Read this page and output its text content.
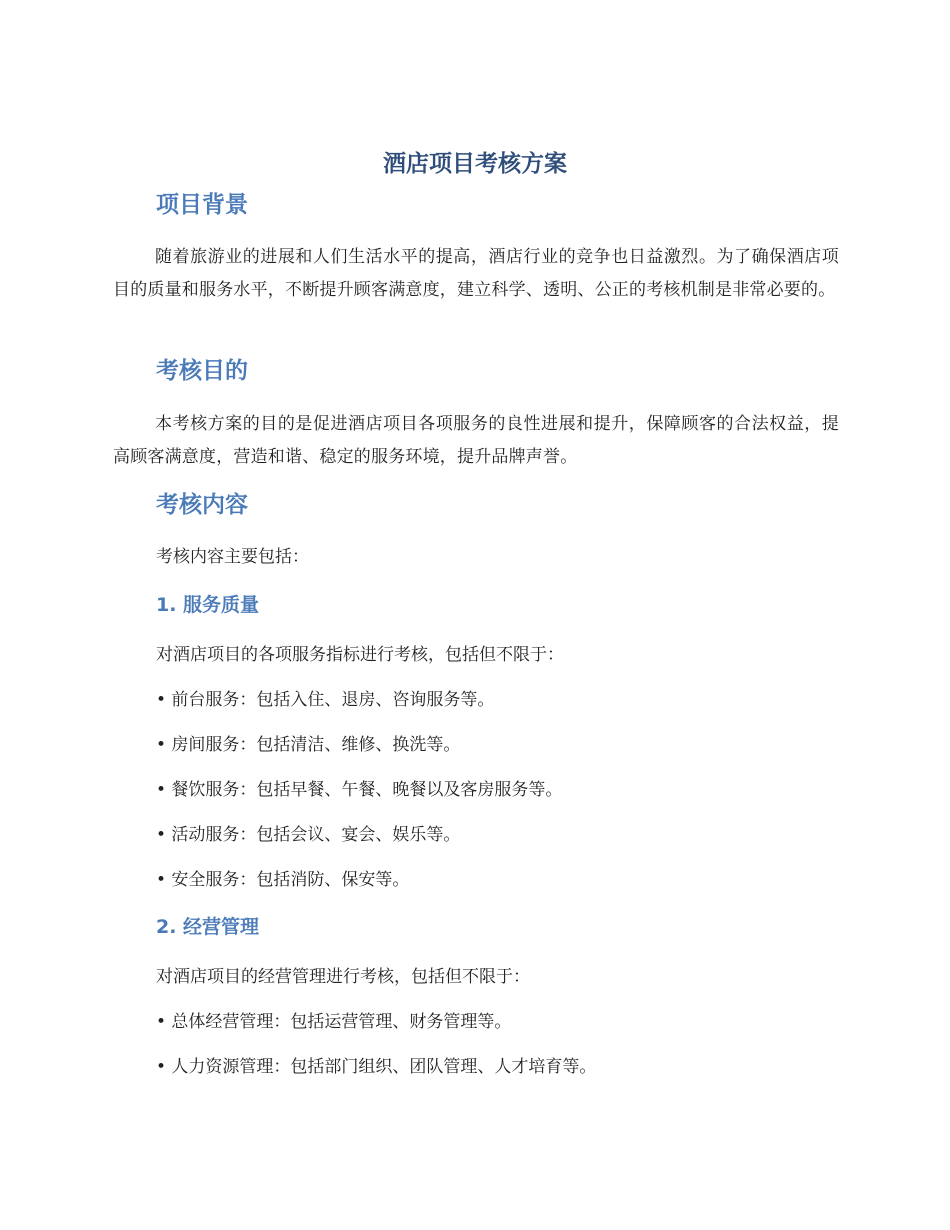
酒店项目考核方案
项目背景
随着旅游业的进展和人们生活水平的提高，酒店行业的竞争也日益激烈。为了确保酒店项目的质量和服务水平，不断提升顾客满意度，建立科学、透明、公正的考核机制是非常必要的。
考核目的
本考核方案的目的是促进酒店项目各项服务的良性进展和提升，保障顾客的合法权益，提高顾客满意度，营造和谐、稳定的服务环境，提升品牌声誉。
考核内容
考核内容主要包括：
1. 服务质量
对酒店项目的各项服务指标进行考核，包括但不限于：
• 前台服务：包括入住、退房、咨询服务等。
• 房间服务：包括清洁、维修、换洗等。
• 餐饮服务：包括早餐、午餐、晚餐以及客房服务等。
• 活动服务：包括会议、宴会、娱乐等。
• 安全服务：包括消防、保安等。
2. 经营管理
对酒店项目的经营管理进行考核，包括但不限于：
• 总体经营管理：包括运营管理、财务管理等。
• 人力资源管理：包括部门组织、团队管理、人才培育等。
